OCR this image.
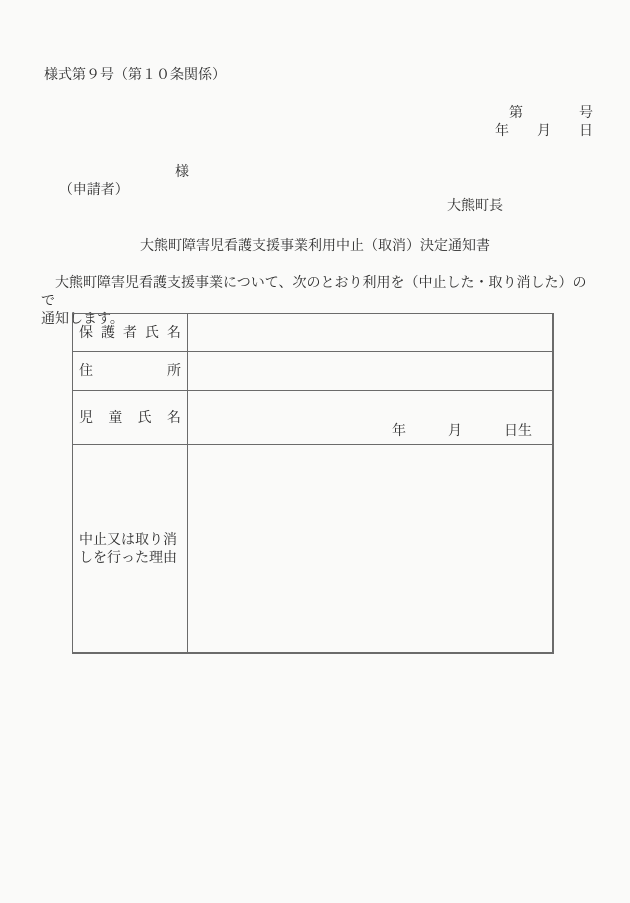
様式第９号（第１０条関係）
第　　　　号
年　　月　　日

（申請者）

様

大熊町長
大熊町障害児看護支援事業利用中止（取消）決定通知書
　大熊町障害児看護支援事業について、次のとおり利用を（中止した・取り消した）ので
通知します。
保 護 者 氏 名
住	所
児 童 氏 名
年　　　月　　　日生
中止又は取り消しを行った理由
